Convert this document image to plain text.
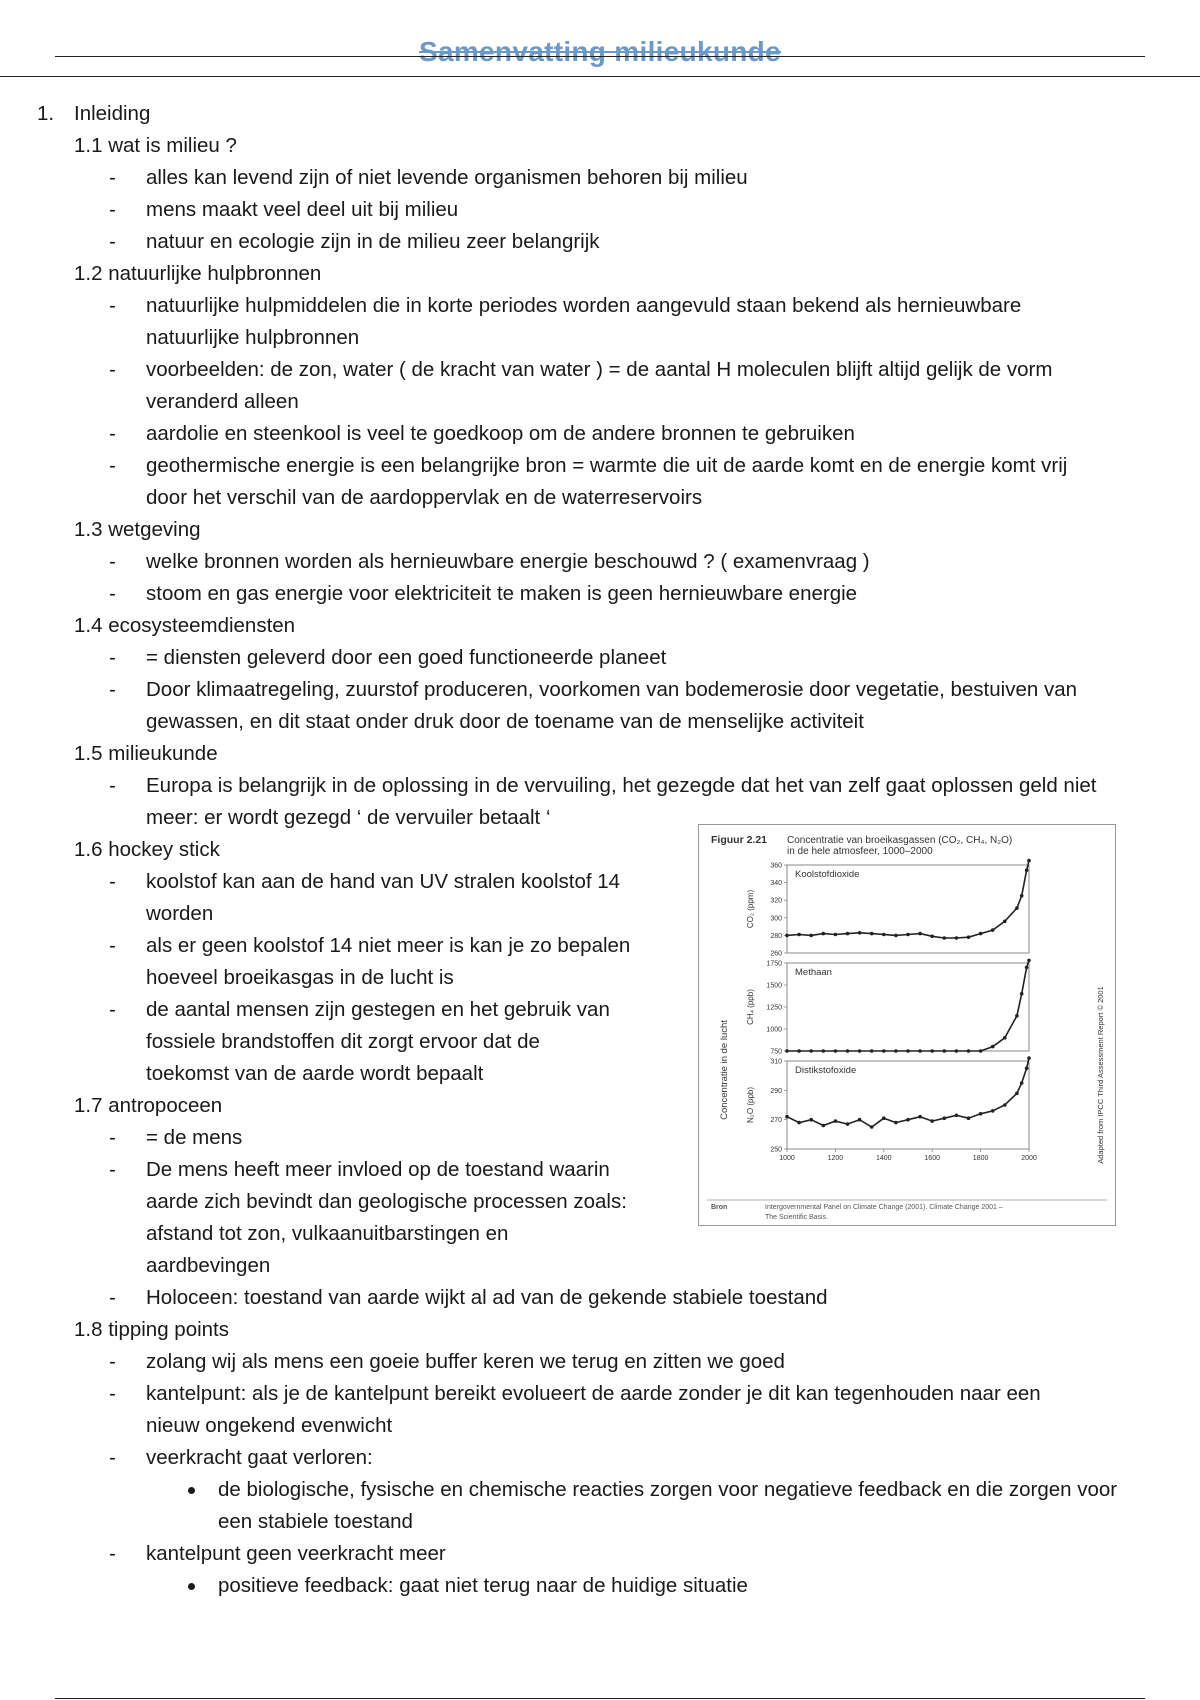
Samenvatting milieukunde
1. Inleiding
1.1 wat is milieu ?
- alles kan levend zijn of niet levende organismen behoren bij milieu
- mens maakt veel deel uit bij milieu
- natuur en ecologie zijn in de milieu zeer belangrijk
1.2 natuurlijke hulpbronnen
- natuurlijke hulpmiddelen die in korte periodes worden aangevuld staan bekend als hernieuwbare
natuurlijke hulpbronnen
- voorbeelden: de zon, water ( de kracht van water ) = de aantal H moleculen blijft altijd gelijk de vorm
veranderd alleen
- aardolie en steenkool is veel te goedkoop om de andere bronnen te gebruiken
- geothermische energie is een belangrijke bron = warmte die uit de aarde komt en de energie komt vrij
door het verschil van de aardoppervlak en de waterreservoirs
1.3 wetgeving
- welke bronnen worden als hernieuwbare energie beschouwd ? ( examenvraag )
- stoom en gas energie voor elektriciteit te maken is geen hernieuwbare energie
1.4 ecosysteemdiensten
- = diensten geleverd door een goed functioneerde planeet
- Door klimaatregeling, zuurstof produceren, voorkomen van bodemerosie door vegetatie, bestuiven van
gewassen, en dit staat onder druk door de toename van de menselijke activiteit
1.5 milieukunde
- Europa is belangrijk in de oplossing in de vervuiling, het gezegde dat het van zelf gaat oplossen geld niet
meer: er wordt gezegd ‘ de vervuiler betaalt ‘
1.6 hockey stick
- koolstof kan aan de hand van UV stralen koolstof 14
worden
- als er geen koolstof 14 niet meer is kan je zo bepalen
hoeveel broeikasgas in de lucht is
- de aantal mensen zijn gestegen en het gebruik van
fossiele brandstoffen dit zorgt ervoor dat de
toekomst van de aarde wordt bepaalt
1.7 antropoceen
- = de mens
- De mens heeft meer invloed op de toestand waarin
aarde zich bevindt dan geologische processen zoals:
afstand tot zon, vulkaanuitbarstingen en
aardbevingen
- Holoceen: toestand van aarde wijkt al ad van de gekende stabiele toestand
1.8 tipping points
- zolang wij als mens een goeie buffer keren we terug en zitten we goed
- kantelpunt: als je de kantelpunt bereikt evolueert de aarde zonder je dit kan tegenhouden naar een
nieuw ongekend evenwicht
- veerkracht gaat verloren:
de biologische, fysische en chemische reacties zorgen voor negatieve feedback en die zorgen voor
een stabiele toestand
- kantelpunt geen veerkracht meer
positieve feedback: gaat niet terug naar de huidige situatie
Figuur 2.21 Concentratie van broeikasgassen (CO₂, CH₄, N₂O)
in de hele atmosfeer, 1000–2000
Concentratie in de lucht	Adapted from IPCC Third Assessment Report © 2001
Koolstofdioxide
CO₂ (ppm)
260
280
300
320
340
360
Methaan
CH₄ (ppb)
750
1000
1250
1500
1750
Distikstofoxide
N₂O (ppb)
250
270
290
310
1000	1200	1400	1600	1800	2000
Bron	Intergovernmental Panel on Climate Change (2001). Climate Change 2001 –
The Scientific Basis.
